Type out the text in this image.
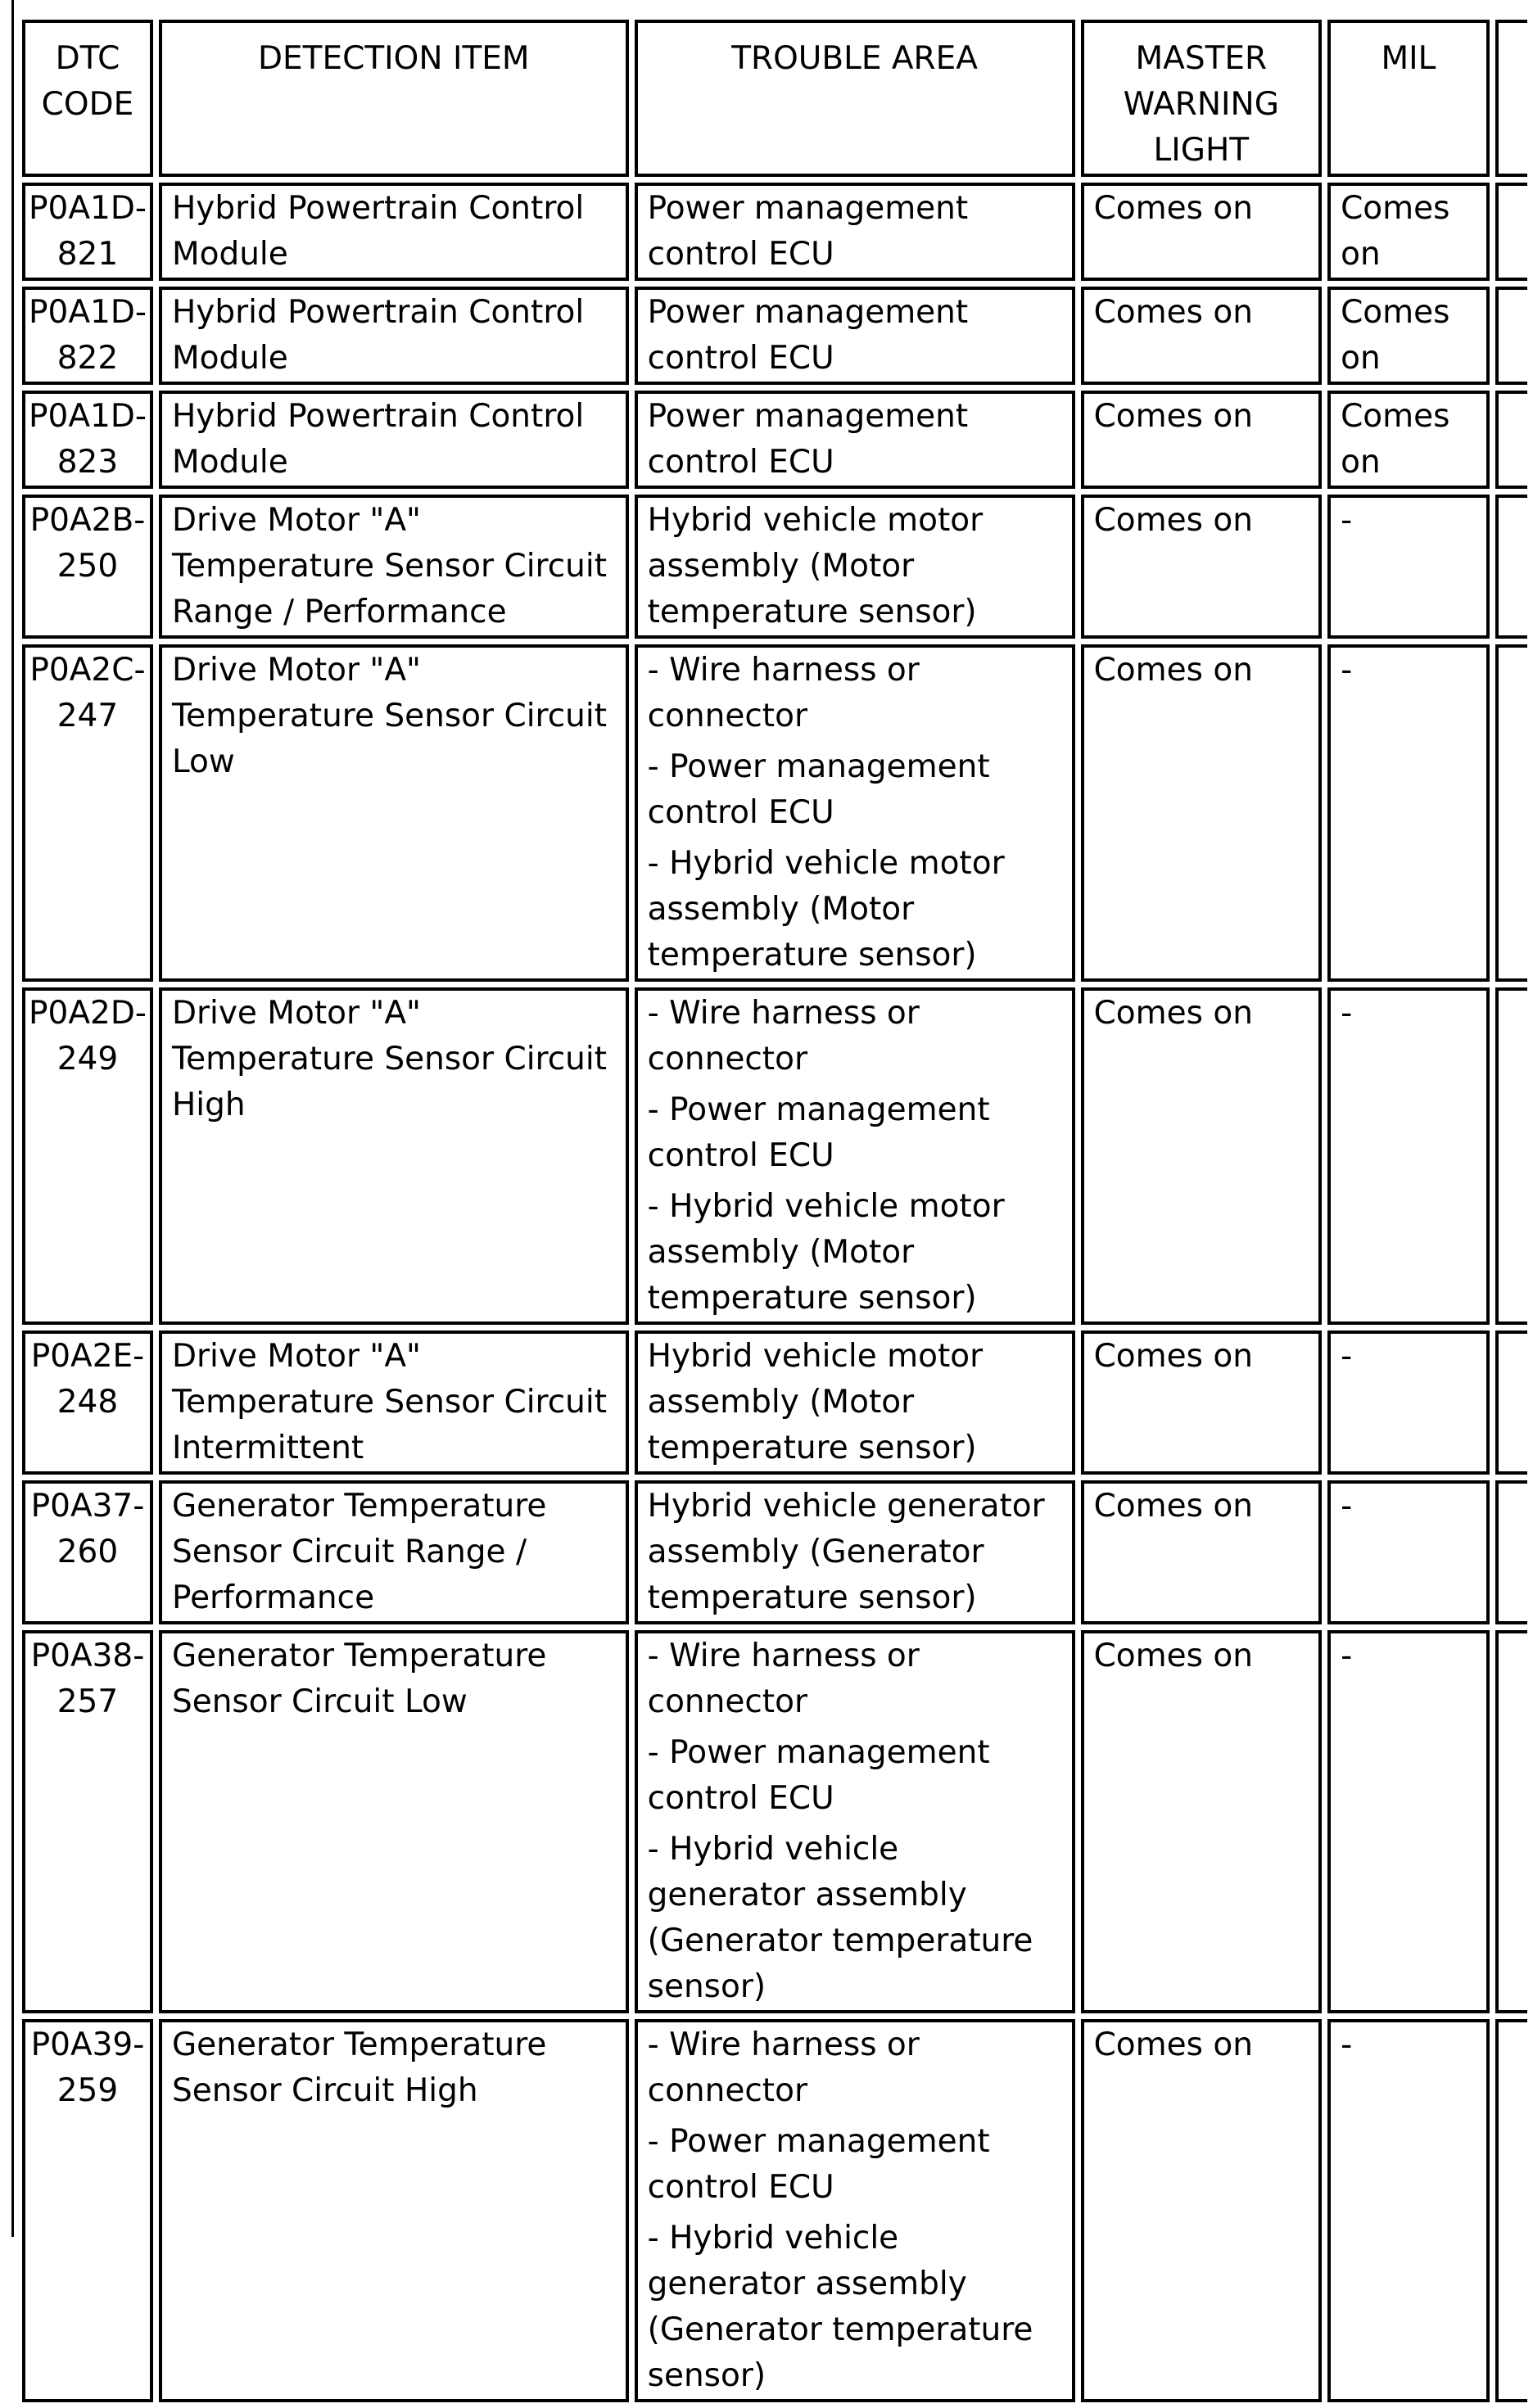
DTC
CODE	DETECTION ITEM	TROUBLE AREA	MASTER
WARNING
LIGHT	MIL	

P0A1D-
821	Hybrid Powertrain Control Module	Power management control ECU	Comes on	Comes on	

P0A1D-
822	Hybrid Powertrain Control Module	Power management control ECU	Comes on	Comes on	

P0A1D-
823	Hybrid Powertrain Control Module	Power management control ECU	Comes on	Comes on	

P0A2B-
250	Drive Motor "A" Temperature Sensor Circuit Range / Performance	Hybrid vehicle motor assembly (Motor temperature sensor)	Comes on	-	

P0A2C-
247	Drive Motor "A" Temperature Sensor Circuit Low	- Wire harness or connector
- Power management control ECU
- Hybrid vehicle motor assembly (Motor temperature sensor)	Comes on	-	

P0A2D-
249	Drive Motor "A" Temperature Sensor Circuit High	- Wire harness or connector
- Power management control ECU
- Hybrid vehicle motor assembly (Motor temperature sensor)	Comes on	-	

P0A2E-
248	Drive Motor "A" Temperature Sensor Circuit Intermittent	Hybrid vehicle motor assembly (Motor temperature sensor)	Comes on	-	

P0A37-
260	Generator Temperature Sensor Circuit Range / Performance	Hybrid vehicle generator assembly (Generator temperature sensor)	Comes on	-	

P0A38-
257	Generator Temperature Sensor Circuit Low	- Wire harness or connector
- Power management control ECU
- Hybrid vehicle generator assembly (Generator temperature sensor)	Comes on	-	

P0A39-
259	Generator Temperature Sensor Circuit High	- Wire harness or connector
- Power management control ECU
- Hybrid vehicle generator assembly (Generator temperature sensor)	Comes on	-	
